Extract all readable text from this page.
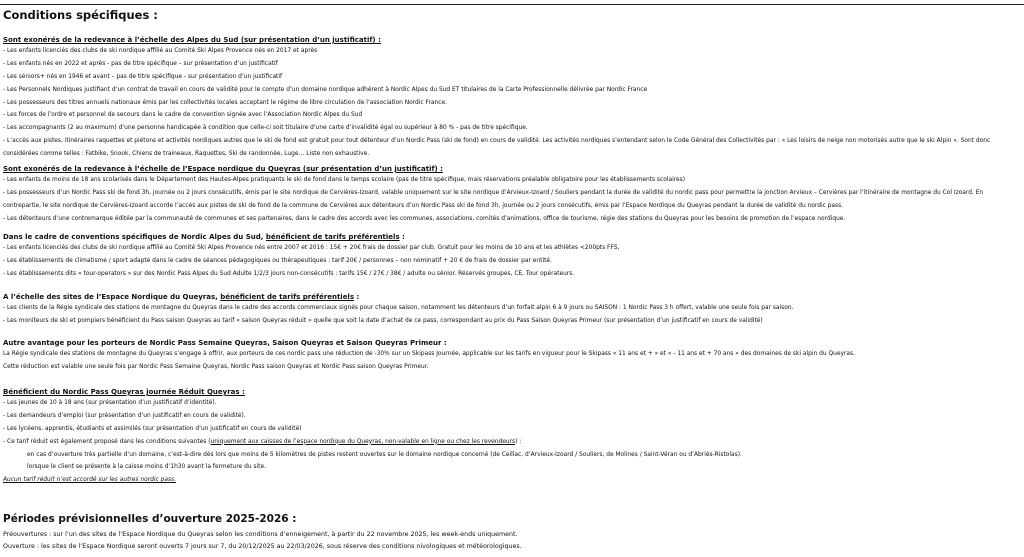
Conditions spécifiques :
Sont exonérés de la redevance à l’échelle des Alpes du Sud (sur présentation d’un justificatif) :
- Les enfants licenciés des clubs de ski nordique affilié au Comité Ski Alpes Provence nés en 2017 et après
- Les enfants nés en 2022 et après - pas de titre spécifique – sur présentation d’un justificatif
- Les séniors+ nés en 1946 et avant – pas de titre spécifique - sur présentation d’un justificatif
- Les Personnels Nordiques justifiant d’un contrat de travail en cours de validité pour le compte d’un domaine nordique adhérent à Nordic Alpes du Sud ET titulaires de la Carte Professionnelle délivrée par Nordic France
- Les possesseurs des titres annuels nationaux émis par les collectivités locales acceptant le régime de libre circulation de l’association Nordic France.
- Les forces de l’ordre et personnel de secours dans le cadre de convention signée avec l’Association Nordic Alpes du Sud
- Les accompagnants (2 au maximum) d’une personne handicapée à condition que celle-ci soit titulaire d’une carte d’invalidité égal ou supérieur à 80 % - pas de titre spécifique.
- L’accès aux pistes, itinéraires raquettes et piétons et activités nordiques autres que le ski de fond est gratuit pour tout détenteur d’un Nordic Pass (ski de fond) en cours de validité. Les activités nordiques s’entendant selon le Code Général des Collectivités par : « Les loisirs de neige non motorisés autre que le ski Alpin ». Sont donc considérées comme telles : Fatbike, Snook, Chiens de traineaux, Raquettes, Ski de randonnée, Luge… Liste non exhaustive.
Sont exonérés de la redevance à l’échelle de l’Espace nordique du Queyras (sur présentation d’un justificatif) :
- Les enfants de moins de 18 ans scolarisés dans le Département des Hautes-Alpes pratiquants le ski de fond dans le temps scolaire (pas de titre spécifique, mais réservations préalable obligatoire pour les établissements scolaires)
- Les possesseurs d’un Nordic Pass ski de fond 3h, journée ou 2 jours consécutifs, émis par le site nordique de Cervières-Izoard, valable uniquement sur le site nordique d’Arvieux-Izoard / Souliers pendant la durée de validité du nordic pass pour permettre la jonction Arvieux – Cervières par l’itinéraire de montagne du Col Izoard. En contrepartie, le site nordique de Cervières-Izoard accorde l’accès aux pistes de ski de fond de la commune de Cervières aux détenteurs d’un Nordic Pass ski de fond 3h, journée ou 2 jours consécutifs, émis par l’Espace Nordique du Queyras pendant la durée de validité du nordic pass.
- Les détenteurs d’une contremarque éditée par la communauté de communes et ses partenaires, dans le cadre des accords avec les communes, associations, comités d’animations, office de tourisme, régie des stations du Queyras pour les besoins de promotion de l’espace nordique.
Dans le cadre de conventions spécifiques de Nordic Alpes du Sud, bénéficient de tarifs préférentiels :
- Les enfants licenciés des clubs de ski nordique affilié au Comité Ski Alpes Provence nés entre 2007 et 2016 : 15€ + 20€ frais de dossier par club. Gratuit pour les moins de 10 ans et les athlètes <200pts FFS,
- Les établissements de climatisme / sport adapté dans le cadre de séances pédagogiques ou thérapeutiques : tarif 20€ / personnes – non nominatif + 20 € de frais de dossier par entité.
- Les établissements dits « tour-operators » sur des Nordic Pass Alpes du Sud Adulte 1/2/3 jours non-consécutifs : tarifs 15€ / 27€ / 38€ / adulte ou sénior. Réservés groupes, CE, Tour opérateurs.
A l’échelle des sites de l’Espace Nordique du Queyras, bénéficient de tarifs préférentiels :
- Les clients de la Régie syndicale des stations de montagne du Queyras dans le cadre des accords commerciaux signés pour chaque saison, notamment les détenteurs d’un forfait alpin 6 à 9 jours ou SAISON : 1 Nordic Pass 3 h offert, valable une seule fois par saison.
- Les moniteurs de ski et pompiers bénéficient du Pass saison Queyras au tarif « saison Queyras réduit » quelle que soit la date d’achat de ce pass, correspondant au prix du Pass Saison Queyras Primeur (sur présentation d’un justificatif en cours de validité)
Autre avantage pour les porteurs de Nordic Pass Semaine Queyras, Saison Queyras et Saison Queyras Primeur :
La Régie syndicale des stations de montagne du Queyras s’engage à offrir, aux porteurs de ces nordic pass une réduction de -30% sur un Skipass Journée, applicable sur les tarifs en vigueur pour le Skipass « 11 ans et + » et « - 11 ans et + 70 ans » des domaines de ski alpin du Queyras.
Cette réduction est valable une seule fois par Nordic Pass Semaine Queyras, Nordic Pass saison Queyras et Nordic Pass saison Queyras Primeur.
Bénéficient du Nordic Pass Queyras journée Réduit Queyras :
- Les jeunes de 10 à 18 ans (sur présentation d’un justificatif d’identité).
- Les demandeurs d’emploi (sur présentation d’un justificatif en cours de validité).
- Les lycéens, apprentis, étudiants et assimilés (sur présentation d’un justificatif en cours de validité)
- Ce tarif réduit est également proposé dans les conditions suivantes (uniquement aux caisses de l’espace nordique du Queyras, non-valable en ligne ou chez les revendeurs) :
en cas d’ouverture très partielle d’un domaine, c’est-à-dire dès lors que moins de 5 kilomètres de pistes restent ouvertes sur le domaine nordique concerné (de Ceillac, d’Arvieux-Izoard / Souliers, de Molines / Saint-Véran ou d’Abriès-Ristolas).
lorsque le client se présente à la caisse moins d’1h30 avant la fermeture du site.
Aucun tarif réduit n’est accordé sur les autres nordic pass.
Périodes prévisionnelles d’ouverture 2025-2026 :
Préouvertures : sur l’un des sites de l’Espace Nordique du Queyras selon les conditions d’enneigement, à partir du 22 novembre 2025, les week-ends uniquement.
Ouverture : les sites de l’Espace Nordique seront ouverts 7 jours sur 7, du 20/12/2025 au 22/03/2026, sous réserve des conditions nivologiques et météorologiques.
